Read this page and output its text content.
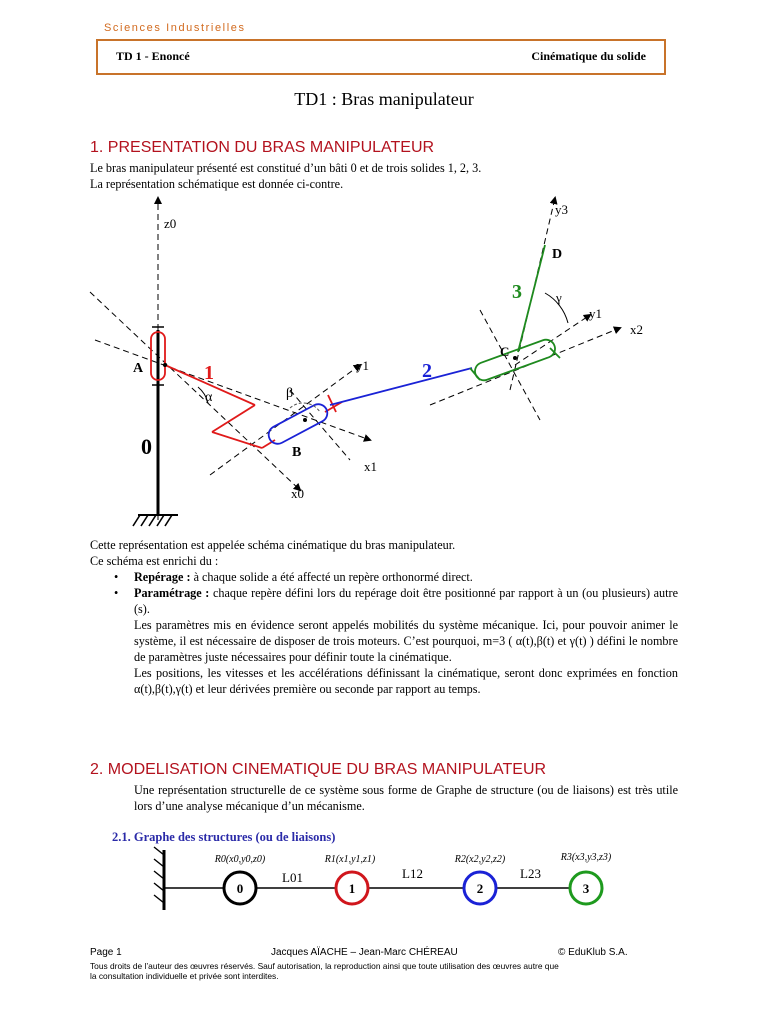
Sciences Industrielles
TD 1 - Enoncé	Cinématique du solide
TD1 : Bras manipulateur
1. PRESENTATION DU BRAS MANIPULATEUR
Le bras manipulateur présenté est constitué d’un bâti 0 et de trois solides 1, 2, 3.
La représentation schématique est donnée ci-contre.
z0
y3
D
3	γ
y1
x2
C
y1	2
A	1
α	β
0	B
x1
x0
Cette représentation est appelée schéma cinématique du bras manipulateur.
Ce schéma est enrichi du :
• Repérage : à chaque solide a été affecté un repère orthonormé direct.
• Paramétrage : chaque repère défini lors du repérage doit être positionné par rapport à un (ou plusieurs) autre (s).
Les paramètres mis en évidence seront appelés mobilités du système mécanique. Ici, pour pouvoir animer le système, il est nécessaire de disposer de trois moteurs. C’est pourquoi, m=3 ( α(t),β(t) et γ(t) ) défini le nombre de paramètres juste nécessaires pour définir toute la cinématique.
Les positions, les vitesses et les accélérations définissant la cinématique, seront donc exprimées en fonction α(t),β(t),γ(t) et leur dérivées première ou seconde par rapport au temps.
2. MODELISATION CINEMATIQUE DU BRAS MANIPULATEUR
Une représentation structurelle de ce système sous forme de Graphe de structure (ou de liaisons) est très utile lors d’une analyse mécanique d’un mécanisme.
2.1. Graphe des structures (ou de liaisons)
0	1	2	3
R0(x0,y0,z0)	R1(x1,y1,z1)	R2(x2,y2,z2)	R3(x3,y3,z3)
L01	L12	L23
Page 1	Jacques AÏACHE – Jean-Marc CHÉREAU	© EduKlub S.A.
Tous droits de l’auteur des œuvres réservés. Sauf autorisation, la reproduction ainsi que toute utilisation des œuvres autre que
la consultation individuelle et privée sont interdites.
